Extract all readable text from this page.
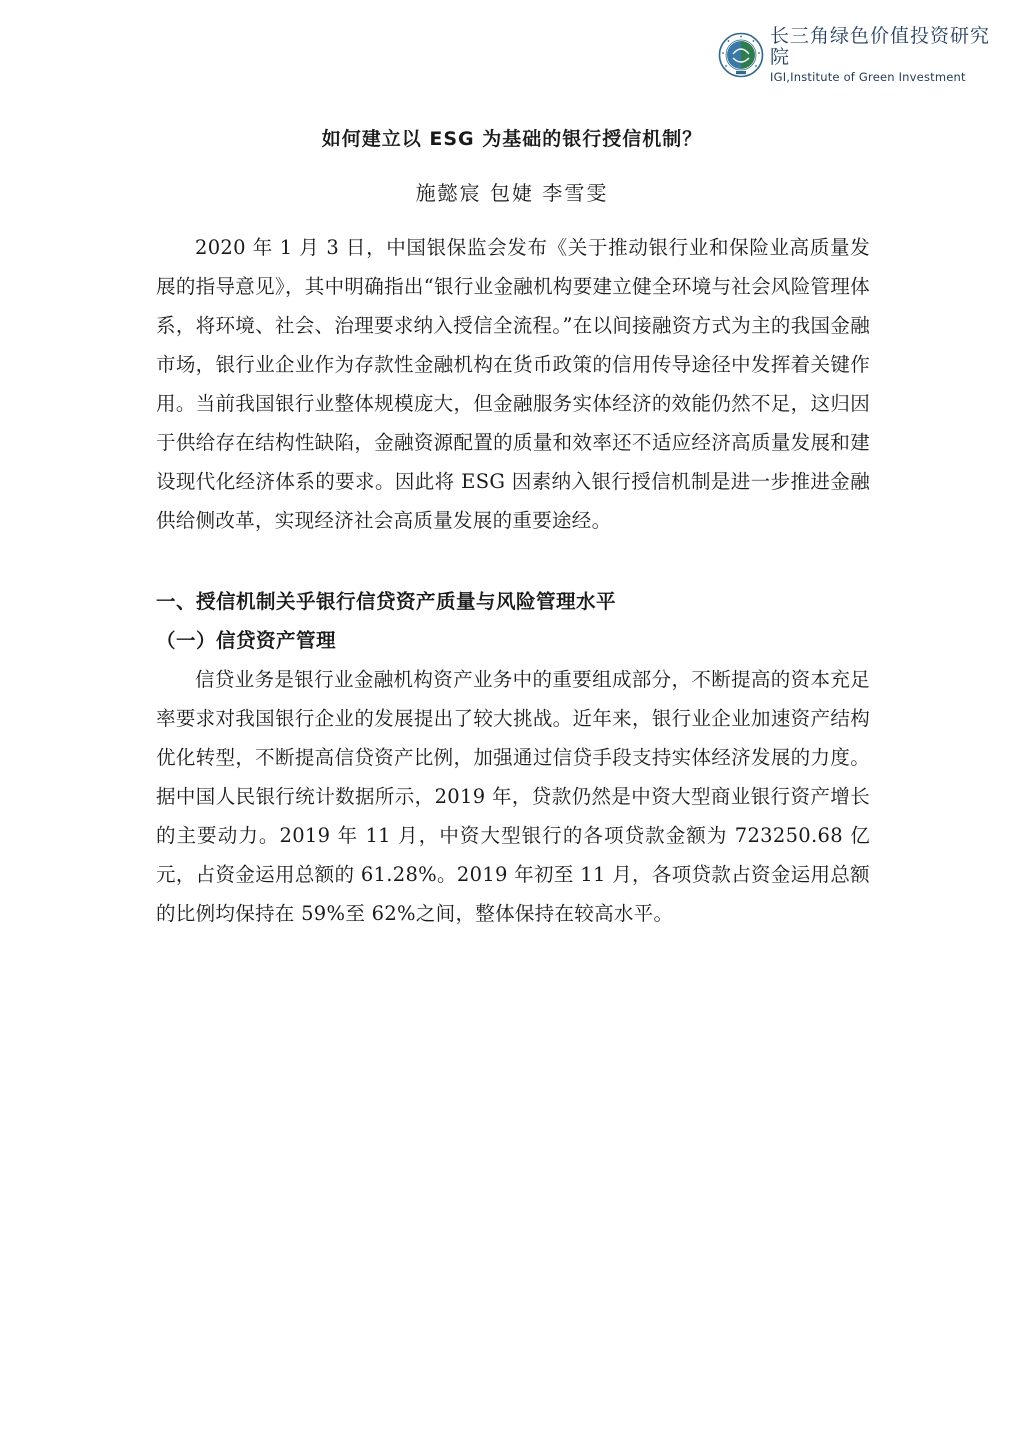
长三角绿色价值投资研究院
IGI,Institute of Green Investment
如何建立以 ESG 为基础的银行授信机制？
施懿宸 包婕 李雪雯

2020 年 1 月 3 日，中国银保监会发布《关于推动银行业和保险业高质量发展的指导意见》，其中明确指出“银行业金融机构要建立健全环境与社会风险管理体系，将环境、社会、治理要求纳入授信全流程。”在以间接融资方式为主的我国金融市场，银行业企业作为存款性金融机构在货币政策的信用传导途径中发挥着关键作用。当前我国银行业整体规模庞大，但金融服务实体经济的效能仍然不足，这归因于供给存在结构性缺陷，金融资源配置的质量和效率还不适应经济高质量发展和建设现代化经济体系的要求。因此将 ESG 因素纳入银行授信机制是进一步推进金融供给侧改革，实现经济社会高质量发展的重要途经。

一、授信机制关乎银行信贷资产质量与风险管理水平
（一）信贷资产管理

信贷业务是银行业金融机构资产业务中的重要组成部分，不断提高的资本充足率要求对我国银行企业的发展提出了较大挑战。近年来，银行业企业加速资产结构优化转型，不断提高信贷资产比例，加强通过信贷手段支持实体经济发展的力度。据中国人民银行统计数据所示，2019 年，贷款仍然是中资大型商业银行资产增长的主要动力。2019 年 11 月，中资大型银行的各项贷款金额为 723250.68 亿元，占资金运用总额的 61.28%。2019 年初至 11 月，各项贷款占资金运用总额的比例均保持在 59%至 62%之间，整体保持在较高水平。
